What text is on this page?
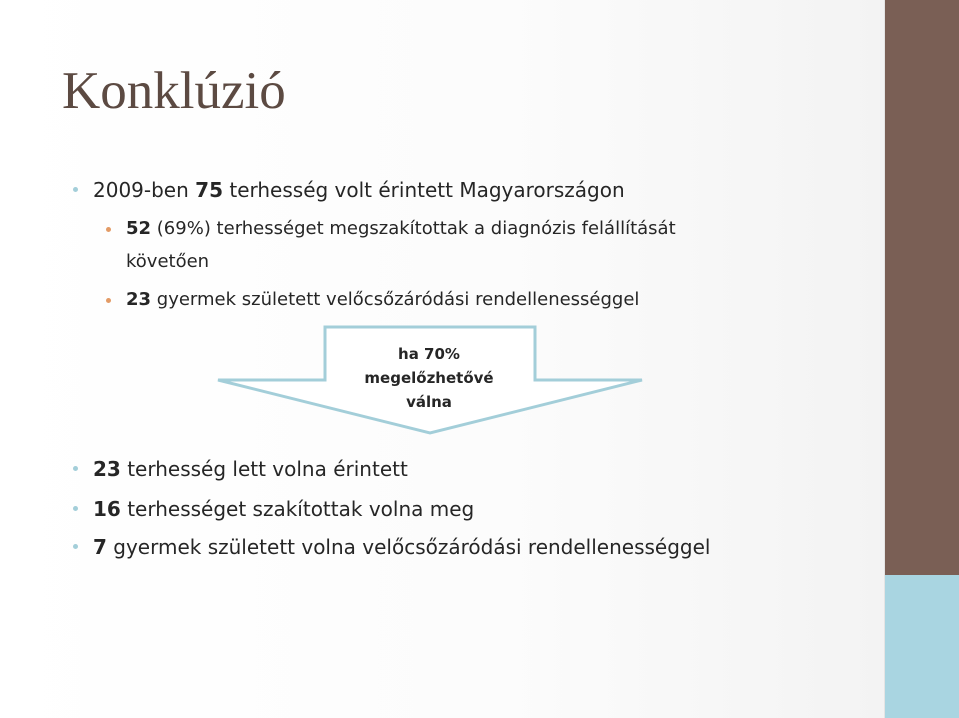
Konklúzió
2009-ben 75 terhesség volt érintett Magyarországon
52 (69%) terhességet megszakítottak a diagnózis felállítását
követően
23 gyermek született velőcsőzáródási rendellenességgel
ha 70%
megelőzhetővé
válna
23 terhesség lett volna érintett
16 terhességet szakítottak volna meg
7 gyermek született volna velőcsőzáródási rendellenességgel
